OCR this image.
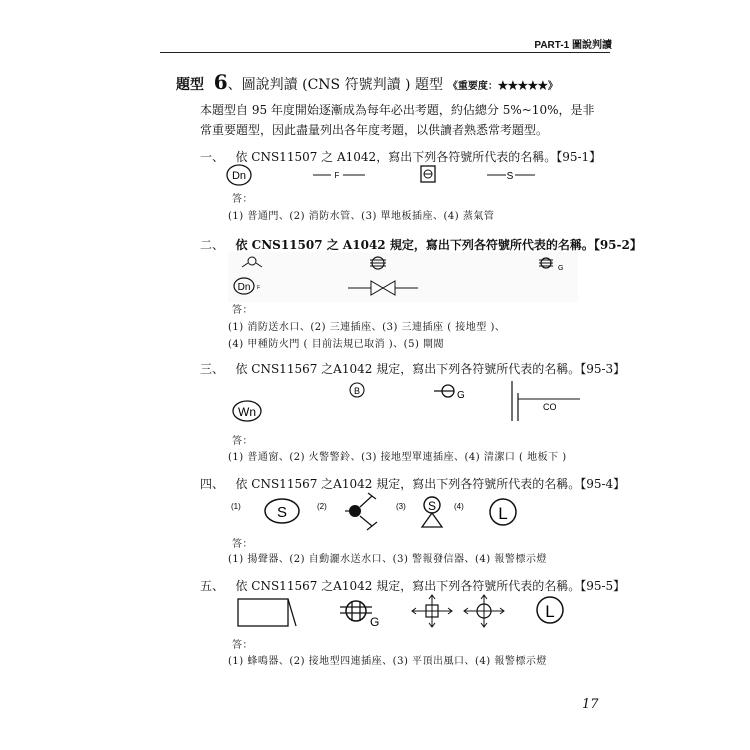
PART-1 圖說判讀
題型 6、圖說判讀 (CNS 符號判讀 ) 題型 《重要度：★★★★★》
本題型自 95 年度開始逐漸成為每年必出考題，約佔總分 5%~10%，是非常重要題型，因此盡量列出各年度考題，以供讀者熟悉常考題型。
一、 依 CNS11507 之 A1042，寫出下列各符號所代表的名稱。【95-1】
Dn	F	S
答：
(1) 普通門、(2) 消防水管、(3) 單地板插座、(4) 蒸氣管
二、 依 CNS11507 之 A1042 規定，寫出下列各符號所代表的名稱。【95-2】
G
Dn F
答：
(1) 消防送水口、(2) 三連插座、(3) 三連插座 ( 接地型 )、
(4) 甲種防火門 ( 目前法規已取消 )、(5) 閘閥
三、 依 CNS11567 之A1042 規定，寫出下列各符號所代表的名稱。【95-3】
Wn
B	G
CO
答：
(1) 普通窗、(2) 火警警鈴、(3) 接地型單連插座、(4) 清潔口 ( 地板下 )
四、 依 CNS11567 之A1042 規定，寫出下列各符號所代表的名稱。【95-4】
(1) S	(2)	(3) S (4) L
答：
(1) 揚聲器、(2) 自動灑水送水口、(3) 警報發信器、(4) 報警標示燈
五、 依 CNS11567 之A1042 規定，寫出下列各符號所代表的名稱。【95-5】
G
L
答：
(1) 蜂鳴器、(2) 接地型四連插座、(3) 平頂出風口、(4) 報警標示燈
17
